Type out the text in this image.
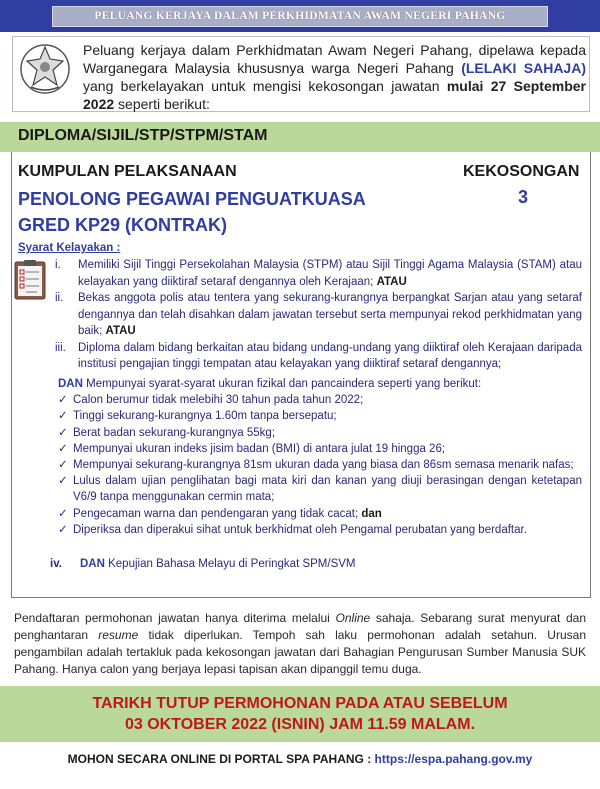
PELUANG KERJAYA DALAM PERKHIDMATAN AWAM NEGERI PAHANG
Peluang kerjaya dalam Perkhidmatan Awam Negeri Pahang, dipelawa kepada Warganegara Malaysia khususnya warga Negeri Pahang (LELAKI SAHAJA) yang berkelayakan untuk mengisi kekosongan jawatan mulai 27 September 2022 seperti berikut:
DIPLOMA/SIJIL/STP/STPM/STAM
KUMPULAN PELAKSANAAN	KEKOSONGAN
PENOLONG PEGAWAI PENGUATKUASA
GRED KP29 (KONTRAK)
3
Syarat Kelayakan :
i. Memiliki Sijil Tinggi Persekolahan Malaysia (STPM) atau Sijil Tinggi Agama Malaysia (STAM) atau kelayakan yang diiktiraf setaraf dengannya oleh Kerajaan; ATAU
ii. Bekas anggota polis atau tentera yang sekurang-kurangnya berpangkat Sarjan atau yang setaraf dengannya dan telah disahkan dalam jawatan tersebut serta mempunyai rekod perkhidmatan yang baik; ATAU
iii. Diploma dalam bidang berkaitan atau bidang undang-undang yang diiktiraf oleh Kerajaan daripada institusi pengajian tinggi tempatan atau kelayakan yang diiktiraf setaraf dengannya;
DAN Mempunyai syarat-syarat ukuran fizikal dan pancaindera seperti yang berikut:
✓ Calon berumur tidak melebihi 30 tahun pada tahun 2022;
✓ Tinggi sekurang-kurangnya 1.60m tanpa bersepatu;
✓ Berat badan sekurang-kurangnya 55kg;
✓ Mempunyai ukuran indeks jisim badan (BMI) di antara julat 19 hingga 26;
✓ Mempunyai sekurang-kurangnya 81sm ukuran dada yang biasa dan 86sm semasa menarik nafas;
✓ Lulus dalam ujian penglihatan bagi mata kiri dan kanan yang diuji berasingan dengan ketetapan V6/9 tanpa menggunakan cermin mata;
✓ Pengecaman warna dan pendengaran yang tidak cacat; dan
✓ Diperiksa dan diperakui sihat untuk berkhidmat oleh Pengamal perubatan yang berdaftar.
iv. DAN Kepujian Bahasa Melayu di Peringkat SPM/SVM
Pendaftaran permohonan jawatan hanya diterima melalui Online sahaja. Sebarang surat menyurat dan penghantaran resume tidak diperlukan. Tempoh sah laku permohonan adalah setahun. Urusan pengambilan adalah tertakluk pada kekosongan jawatan dari Bahagian Pengurusan Sumber Manusia SUK Pahang. Hanya calon yang berjaya lepasi tapisan akan dipanggil temu duga.
TARIKH TUTUP PERMOHONAN PADA ATAU SEBELUM
03 OKTOBER 2022 (ISNIN) JAM 11.59 MALAM.
MOHON SECARA ONLINE DI PORTAL SPA PAHANG : https://espa.pahang.gov.my
